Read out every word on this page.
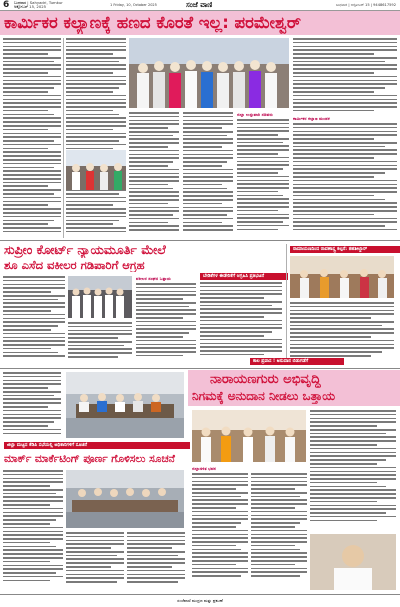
6 ಬುಧವಾರ | Sahyadri, Tumkur
ಅಕ್ಟೋಬರ್ 15, 2025	1 Friday, 10, October 2025	ಸಂಜೆ ವಾಣಿ	ಬುಧವಾರ | ಅಕ್ಟೋಬರ್ 15 | 9448617592
ಕಾರ್ಮಿಕರ ಕಲ್ಯಾಣಕ್ಕೆ ಹಣದ ಕೊರತೆ ಇಲ್ಲ: ಪರಮೇಶ್ವರ್
ಕಾರ್ಮಿಕರ ಕಲ್ಯಾಣ ಮಂಡಳಿ
ಜಿಲ್ಲಾ ಉಸ್ತುವಾರಿ ಸಚಿವರು
ಸುಪ್ರೀಂ ಕೋರ್ಟ್ ನ್ಯಾಯಮೂರ್ತಿ ಮೇಲೆ
ಶೂ ಎಸೆದ ವಕೀಲರ ಗಡಿಪಾರಿಗೆ ಆಗ್ರಹ
ಬೇಡಿಕೆಗಳ ಈಡೇರಿಕೆಗೆ ಆಗ್ರಹಿಸಿ ಪ್ರತಿಭಟನೆ
ರಾಮಾಯಣದಿಂದ ರಾವಣಾಸ್ತ್ರ ಕಲ್ಪನೆ: ತಹಶೀಲ್ದಾರ್
ವಕೀಲರ ಸಂಘದ ಒತ್ತಾಯ
ಕಾಲ ಪ್ರವಾಸ ! ಅನುದಾನ ಬಿಡುಗಡೆಗೆ
ನಾರಾಯಣಗುರು ಅಭಿವೃದ್ಧಿ
ನಿಗಮಕ್ಕೆ ಅನುದಾನ ನೀಡಲು ಒತ್ತಾಯ
ಜಿಲ್ಲಾ ಮಟ್ಟದ ಕೆಡಿಪಿ ಸಭೆಯಲ್ಲಿ ಅಧಿಕಾರಿಗಳಿಗೆ ಸೂಚನೆ
ಮಾರ್ಕ್ ಮಾರ್ಕೆಟಿಂಗ್ ಪೂರ್ಣ ಗೊಳಿಸಲು ಸೂಚನೆ
ಜಿಲ್ಲಾಡಳಿತ ಭವನ
ಸಂಜೆವಾಣಿ ಮುದ್ರಣ ಮತ್ತು ಪ್ರಕಟಣೆ
